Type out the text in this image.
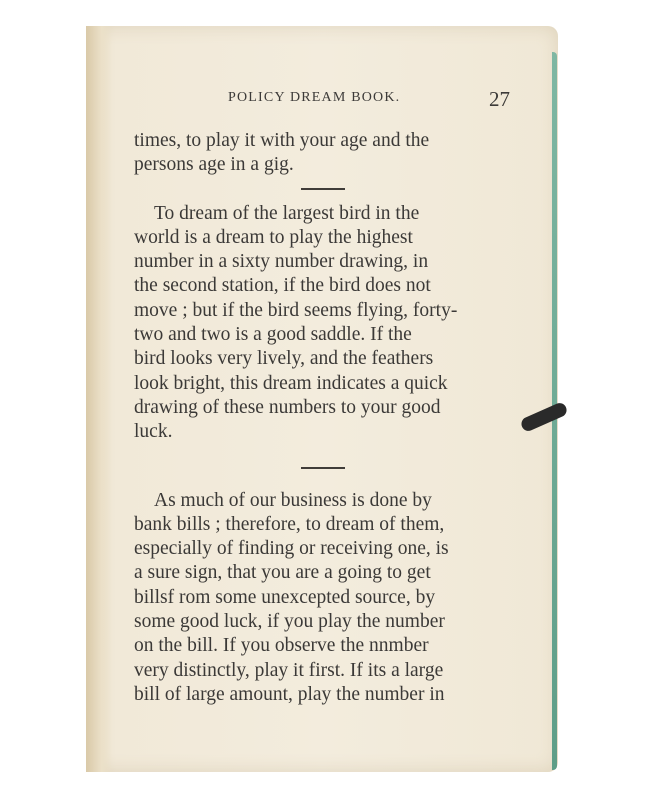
POLICY DREAM BOOK.	27

times, to play it with your age and the
persons age in a gig.

To dream of the largest bird in the
world is a dream to play the highest
number in a sixty number drawing, in
the second station, if the bird does not
move ; but if the bird seems flying, forty-
two and two is a good saddle. If the
bird looks very lively, and the feathers
look bright, this dream indicates a quick
drawing of these numbers to your good
luck.

As much of our business is done by
bank bills ; therefore, to dream of them,
especially of finding or receiving one, is
a sure sign, that you are a going to get
billsf rom some unexcepted source, by
some good luck, if you play the number
on the bill. If you observe the nnmber
very distinctly, play it first. If its a large
bill of large amount, play the number in
